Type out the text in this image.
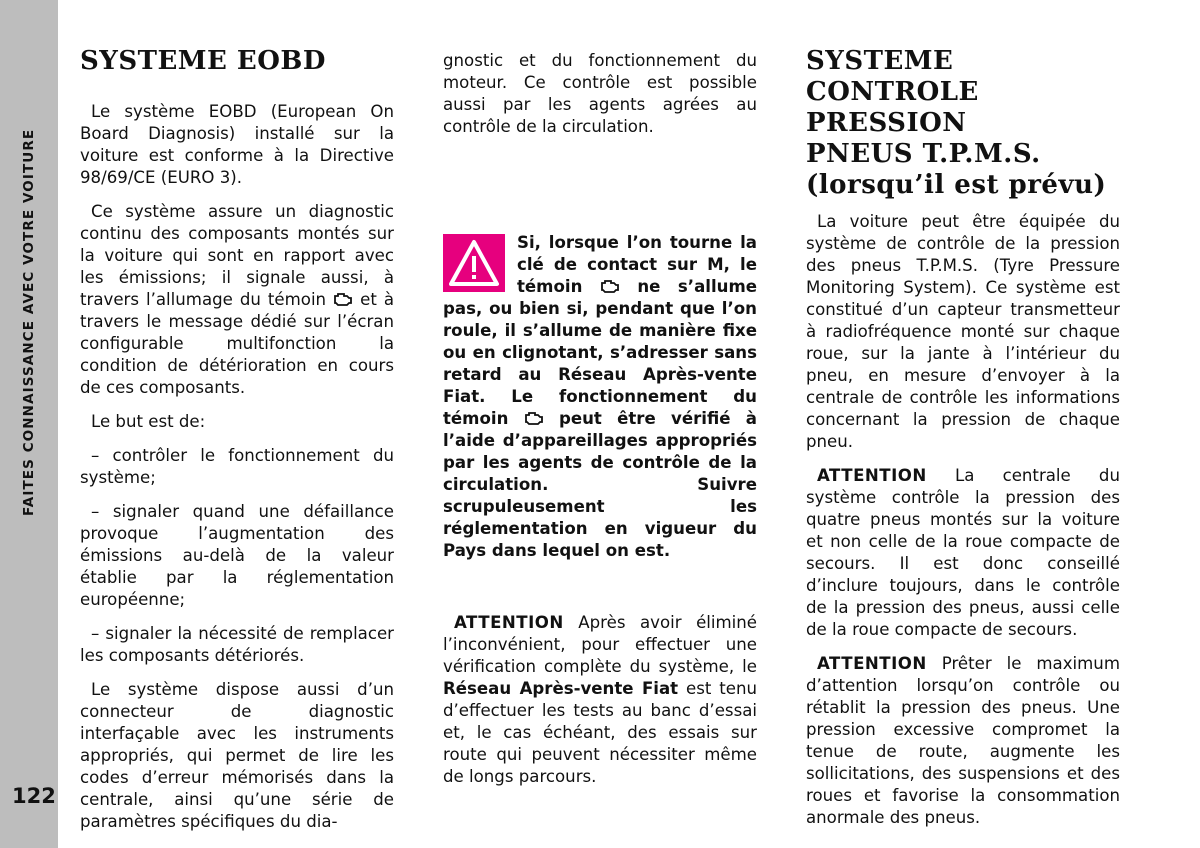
FAITES CONNAISSANCE AVEC VOTRE VOITURE
122
SYSTEME EOBD

Le système EOBD (European On Board Diagnosis) installé sur la voiture est conforme à la Directive 98/69/CE (EURO 3).

Ce système assure un diagnostic continu des composants montés sur la voiture qui sont en rapport avec les émissions; il signale aussi, à travers l’allumage du témoin et à travers le message dédié sur l’écran configurable multifonction la condition de détérioration en cours de ces composants.

Le but est de:

– contrôler le fonctionnement du système;

– signaler quand une défaillance provoque l’augmentation des émissions au-delà de la valeur établie par la réglementation européenne;

– signaler la nécessité de remplacer les composants détériorés.

Le système dispose aussi d’un connecteur de diagnostic interfaçable avec les instruments appropriés, qui permet de lire les codes d’erreur mémorisés dans la centrale, ainsi qu’une série de paramètres spécifiques du dia-

gnostic et du fonctionnement du moteur. Ce contrôle est possible aussi par les agents agrées au contrôle de la circulation.

Si, lorsque l’on tourne la clé de contact sur M, le témoin	ne s’allume pas, ou bien si, pendant que l’on roule, il s’allume de manière fixe ou en clignotant, s’adresser sans retard au Réseau Après-vente Fiat. Le fonctionnement du témoin	peut être vérifié à l’aide d’appareillages appropriés par les agents de contrôle de la circulation. Suivre scrupuleusement les réglementation en vigueur du Pays dans lequel on est.

ATTENTION Après avoir éliminé l’inconvénient, pour effectuer une vérification complète du système, le Réseau Après-vente Fiat est tenu d’effectuer les tests au banc d’essai et, le cas échéant, des essais sur route qui peuvent nécessiter même de longs parcours.

SYSTEME CONTROLE
PRESSION
PNEUS T.P.M.S.
(lorsqu’il est prévu)

La voiture peut être équipée du système de contrôle de la pression des pneus T.P.M.S. (Tyre Pressure Monitoring System). Ce système est constitué d’un capteur transmetteur à radiofréquence monté sur chaque roue, sur la jante à l’intérieur du pneu, en mesure d’envoyer à la centrale de contrôle les informations concernant la pression de chaque pneu.

ATTENTION La centrale du système contrôle la pression des quatre pneus montés sur la voiture et non celle de la roue compacte de secours. Il est donc conseillé d’inclure toujours, dans le contrôle de la pression des pneus, aussi celle de la roue compacte de secours.

ATTENTION Prêter le maximum d’attention lorsqu’on contrôle ou rétablit la pression des pneus. Une pression excessive compromet la tenue de route, augmente les sollicitations, des suspensions et des roues et favorise la consommation anormale des pneus.
